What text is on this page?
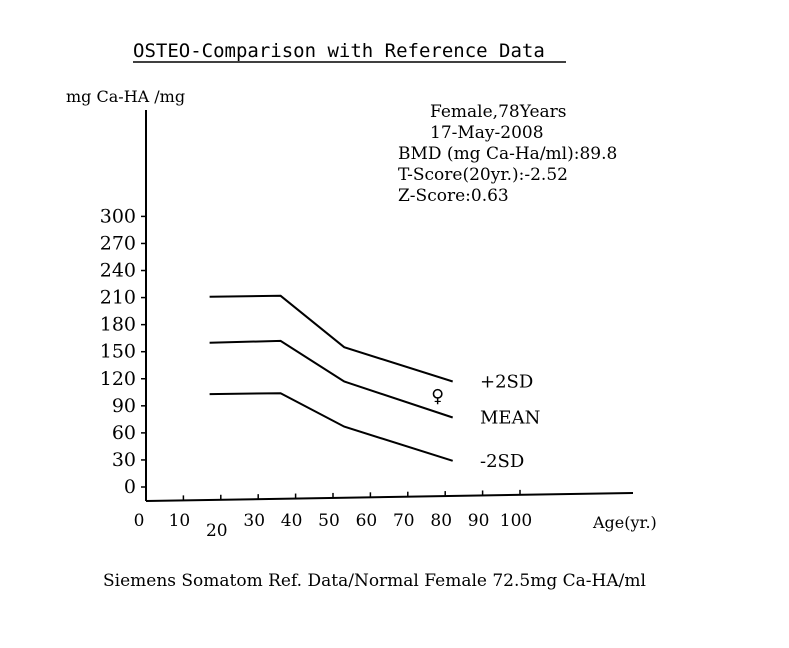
OSTEO-Comparison with Reference Data
mg Ca-HA /mg
Female,78Years
17-May-2008
BMD (mg Ca-Ha/ml):89.8
T-Score(20yr.):-2.52
Z-Score:0.63
0
30
60
90
120
150
180
210
240
270
300
0 10 20 30 40 50 60 70 80 90 100
+2SD
MEAN
-2SD
♀
Age(yr.)
Siemens Somatom Ref. Data/Normal Female 72.5mg Ca-HA/ml
